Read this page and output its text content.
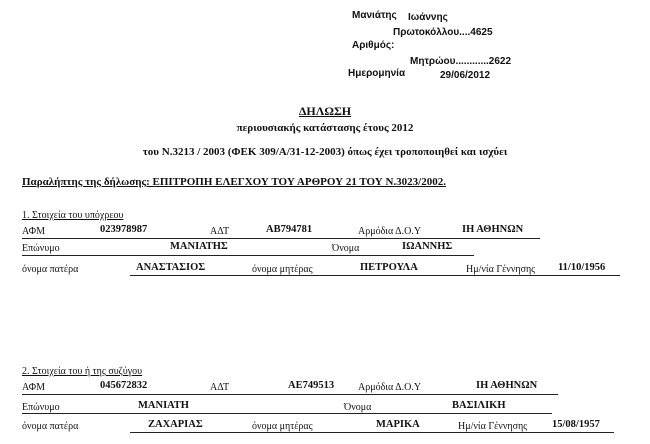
Μανιάτης Ιωάννης
Πρωτοκόλλου....4625
Αριθμός:
Μητρώου............2622
Ημερομηνία	29/06/2012
ΔΗΛΩΣΗ
περιουσιακής κατάστασης έτους 2012
του Ν.3213 / 2003 (ΦΕΚ 309/Α/31-12-2003) όπως έχει τροποποιηθεί και ισχύει
Παραλήπτης της δήλωσης: ΕΠΙΤΡΟΠΗ ΕΛΕΓΧΟΥ ΤΟΥ ΑΡΘΡΟΥ 21 ΤΟΥ Ν.3023/2002.
1. Στοιχεία του υπόχρεου
ΑΦΜ	023978987	ΑΔΤ	ΑΒ794781	Αρμόδια Δ.Ο.Υ	ΙΗ ΑΘΗΝΩΝ
Επώνυμο	ΜΑΝΙΑΤΗΣ	Όνομα	ΙΩΑΝΝΗΣ
όνομα πατέρα	ΑΝΑΣΤΑΣΙΟΣ	όνομα μητέρας	ΠΕΤΡΟΥΛΑ	Ημ/νία Γέννησης 11/10/1956
2. Στοιχεία του ή της συζύγου
ΑΦΜ	045672832	ΑΔΤ	ΑΕ749513 Αρμόδια Δ.Ο.Υ	ΙΗ ΑΘΗΝΩΝ
Επώνυμο	ΜΑΝΙΑΤΗ	Όνομα	ΒΑΣΙΛΙΚΗ
όνομα πατέρα	ΖΑΧΑΡΙΑΣ	όνομα μητέρας	ΜΑΡΙΚΑ	Ημ/νία Γέννησης 15/08/1957
